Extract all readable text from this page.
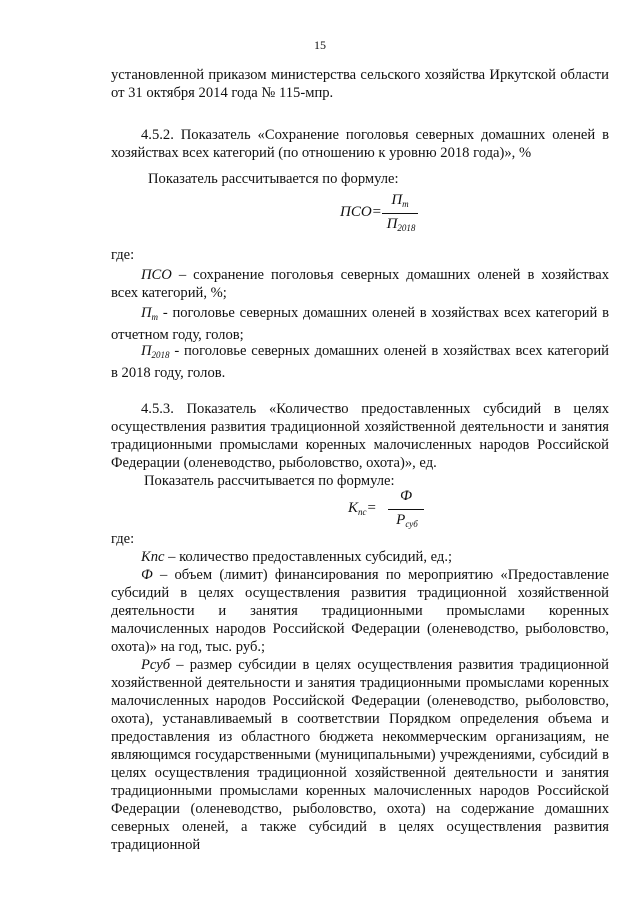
15

установленной приказом министерства сельского хозяйства Иркутской области от 31 октября 2014 года № 115-мпр.

4.5.2. Показатель «Сохранение поголовья северных домашних оленей в хозяйствах всех категорий (по отношению к уровню 2018 года)», %

Показатель рассчитывается по формуле:

ПСО=
$П_т$
$П_{2018}$

где:

ПСО – сохранение поголовья северных домашних оленей в хозяйствах всех категорий, %;

$П_т$ - поголовье северных домашних оленей в хозяйствах всех категорий в отчетном году, голов;

$П_{2018}$ - поголовье северных домашних оленей в хозяйствах всех категорий в 2018 году, голов.

4.5.3. Показатель «Количество предоставленных субсидий в целях осуществления развития традиционной хозяйственной деятельности и занятия традиционными промыслами коренных малочисленных народов Российской Федерации (оленеводство, рыболовство, охота)», ед.

Показатель рассчитывается по формуле:

$К_{пс}=$
Ф
$Р_{суб}$

где:

Кпс – количество предоставленных субсидий, ед.;

Ф – объем (лимит) финансирования по мероприятию «Предоставление субсидий в целях осуществления развития традиционной хозяйственной деятельности и занятия традиционными промыслами коренных малочисленных народов Российской Федерации (оленеводство, рыболовство, охота)» на год, тыс. руб.;

Рсуб – размер субсидии в целях осуществления развития традиционной хозяйственной деятельности и занятия традиционными промыслами коренных малочисленных народов Российской Федерации (оленеводство, рыболовство, охота), устанавливаемый в соответствии Порядком определения объема и предоставления из областного бюджета некоммерческим организациям, не являющимся государственными (муниципальными) учреждениями, субсидий в целях осуществления традиционной хозяйственной деятельности и занятия традиционными промыслами коренных малочисленных народов Российской Федерации (оленеводство, рыболовство, охота) на содержание домашних северных оленей, а также субсидий в целях осуществления развития традиционной
